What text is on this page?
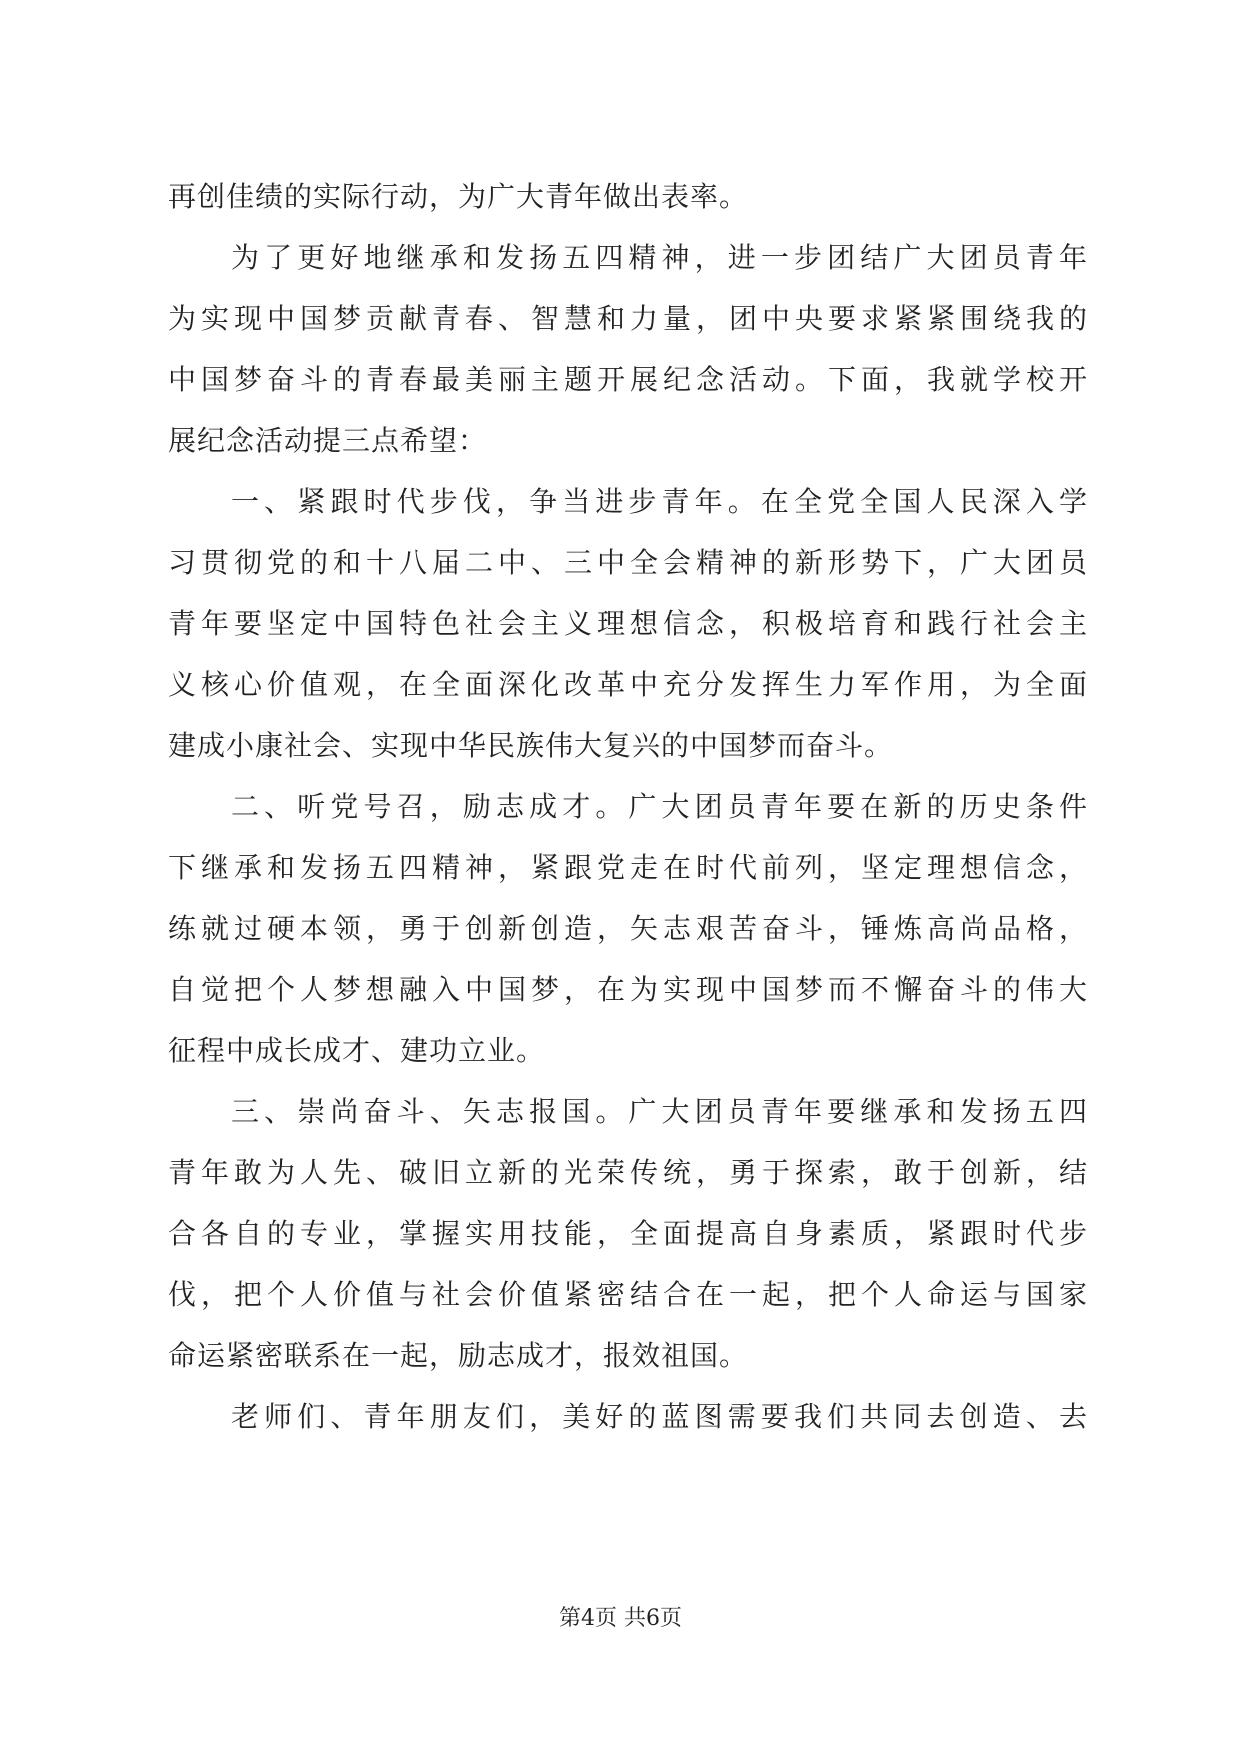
再创佳绩的实际行动，为广大青年做出表率。
为了更好地继承和发扬五四精神，进一步团结广大团员青年
为实现中国梦贡献青春、智慧和力量，团中央要求紧紧围绕我的
中国梦奋斗的青春最美丽主题开展纪念活动。下面，我就学校开
展纪念活动提三点希望：
一、紧跟时代步伐，争当进步青年。在全党全国人民深入学
习贯彻党的和十八届二中、三中全会精神的新形势下，广大团员
青年要坚定中国特色社会主义理想信念，积极培育和践行社会主
义核心价值观，在全面深化改革中充分发挥生力军作用，为全面
建成小康社会、实现中华民族伟大复兴的中国梦而奋斗。
二、听党号召，励志成才。广大团员青年要在新的历史条件
下继承和发扬五四精神，紧跟党走在时代前列，坚定理想信念，
练就过硬本领，勇于创新创造，矢志艰苦奋斗，锤炼高尚品格，
自觉把个人梦想融入中国梦，在为实现中国梦而不懈奋斗的伟大
征程中成长成才、建功立业。
三、崇尚奋斗、矢志报国。广大团员青年要继承和发扬五四
青年敢为人先、破旧立新的光荣传统，勇于探索，敢于创新，结
合各自的专业，掌握实用技能，全面提高自身素质，紧跟时代步
伐，把个人价值与社会价值紧密结合在一起，把个人命运与国家
命运紧密联系在一起，励志成才，报效祖国。
老师们、青年朋友们，美好的蓝图需要我们共同去创造、去
第4页 共6页
